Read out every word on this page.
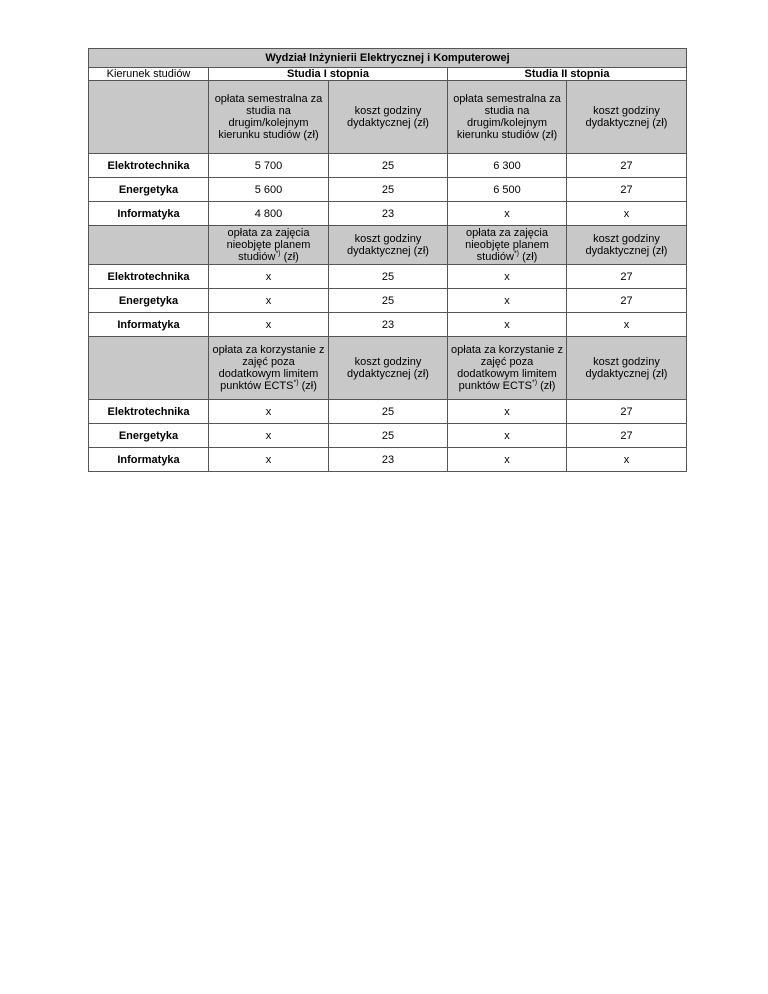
Wydział Inżynierii Elektrycznej i Komputerowej				
Kierunek studiów	Studia I stopnia		Studia II stopnia	
	opłata semestralna za studia na drugim/kolejnym kierunku studiów (zł)	koszt godziny dydaktycznej (zł)	opłata semestralna za studia na drugim/kolejnym kierunku studiów (zł)	koszt godziny dydaktycznej (zł)
Elektrotechnika	5 700	25	6 300	27
Energetyka	5 600	25	6 500	27
Informatyka	4 800	23	x	x
	opłata za zajęcia nieobjęte planem studiów*) (zł)	koszt godziny dydaktycznej (zł)	opłata za zajęcia nieobjęte planem studiów*) (zł)	koszt godziny dydaktycznej (zł)
Elektrotechnika	x	25	x	27
Energetyka	x	25	x	27
Informatyka	x	23	x	x
	opłata za korzystanie z zajęć poza dodatkowym limitem punktów ECTS*) (zł)	koszt godziny dydaktycznej (zł)	opłata za korzystanie z zajęć poza dodatkowym limitem punktów ECTS*) (zł)	koszt godziny dydaktycznej (zł)
Elektrotechnika	x	25	x	27
Energetyka	x	25	x	27
Informatyka	x	23	x	x
